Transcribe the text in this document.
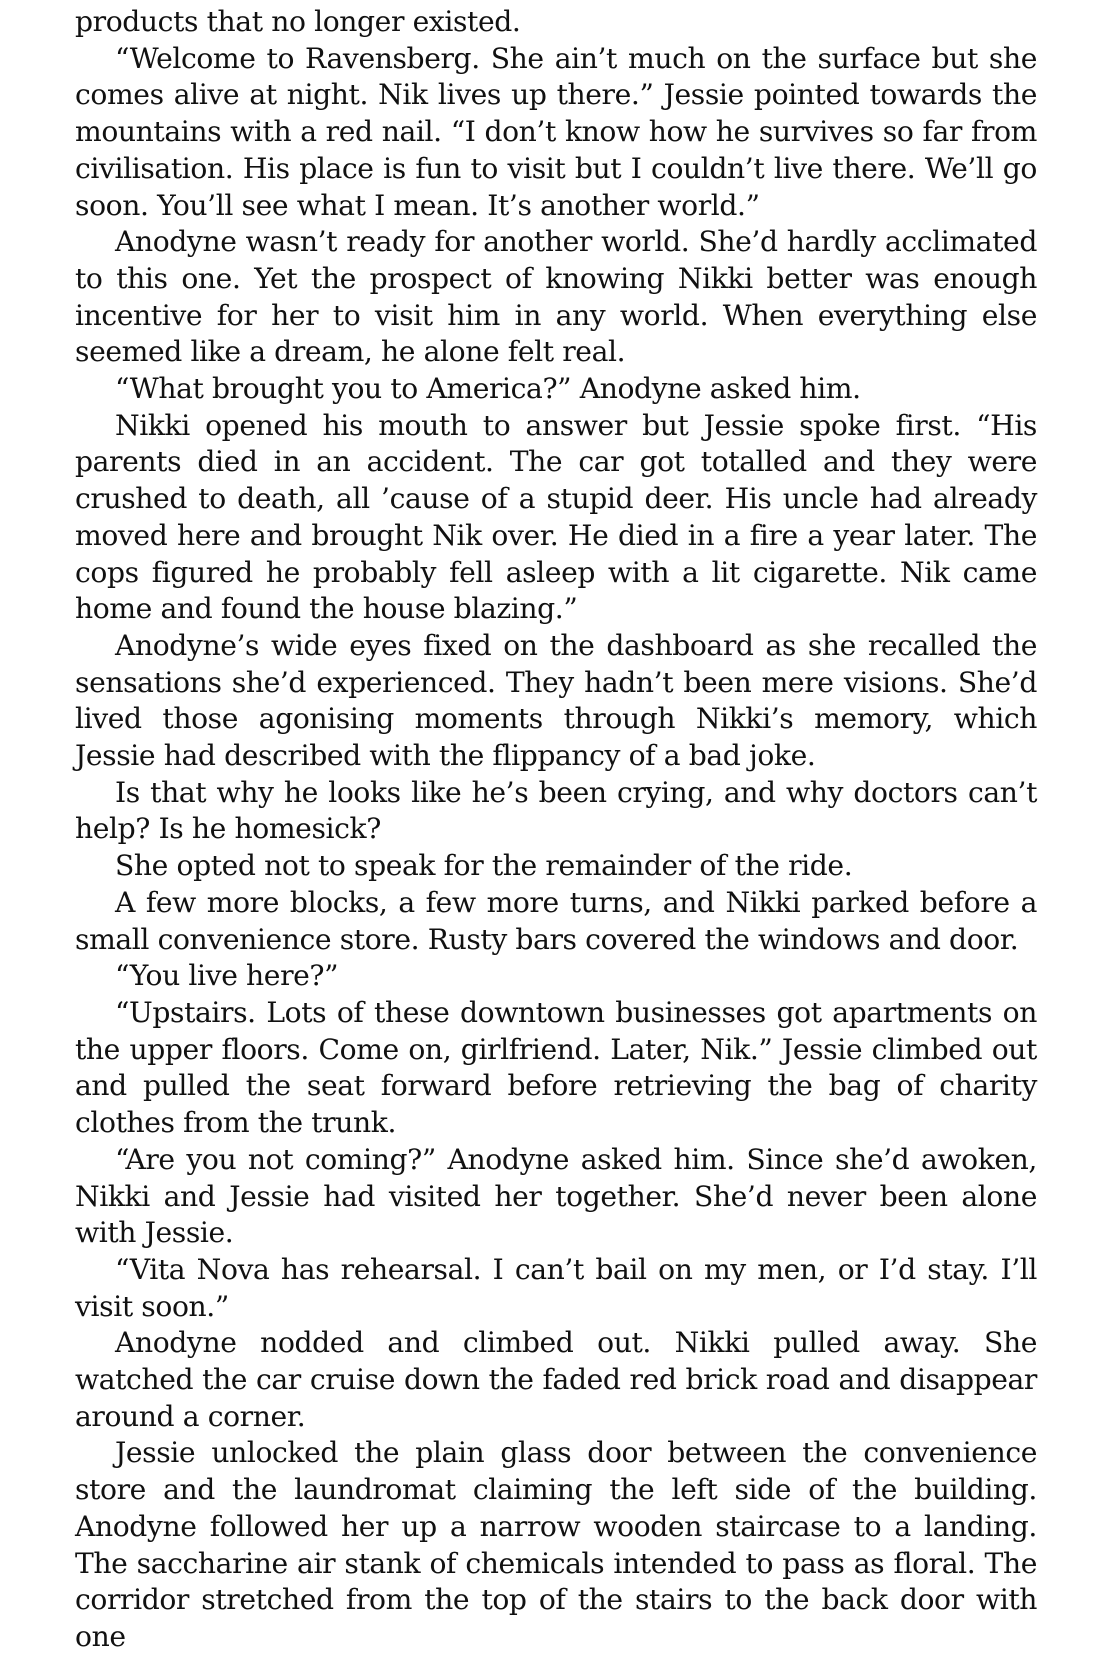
products that no longer existed.

“Welcome to Ravensberg. She ain’t much on the surface but she comes alive at night. Nik lives up there.” Jessie pointed towards the mountains with a red nail. “I don’t know how he survives so far from civilisation. His place is fun to visit but I couldn’t live there. We’ll go soon. You’ll see what I mean. It’s another world.”

Anodyne wasn’t ready for another world. She’d hardly acclimated to this one. Yet the prospect of knowing Nikki better was enough incentive for her to visit him in any world. When everything else seemed like a dream, he alone felt real.

“What brought you to America?” Anodyne asked him.

Nikki opened his mouth to answer but Jessie spoke first. “His parents died in an accident. The car got totalled and they were crushed to death, all ’cause of a stupid deer. His uncle had already moved here and brought Nik over. He died in a fire a year later. The cops figured he probably fell asleep with a lit cigarette. Nik came home and found the house blazing.”

Anodyne’s wide eyes fixed on the dashboard as she recalled the sensations she’d experienced. They hadn’t been mere visions. She’d lived those agonising moments through Nikki’s memory, which Jessie had described with the flippancy of a bad joke.

Is that why he looks like he’s been crying, and why doctors can’t help? Is he homesick?

She opted not to speak for the remainder of the ride.

A few more blocks, a few more turns, and Nikki parked before a small convenience store. Rusty bars covered the windows and door.

“You live here?”

“Upstairs. Lots of these downtown businesses got apartments on the upper floors. Come on, girlfriend. Later, Nik.” Jessie climbed out and pulled the seat forward before retrieving the bag of charity clothes from the trunk.

“Are you not coming?” Anodyne asked him. Since she’d awoken, Nikki and Jessie had visited her together. She’d never been alone with Jessie.

“Vita Nova has rehearsal. I can’t bail on my men, or I’d stay. I’ll visit soon.”

Anodyne nodded and climbed out. Nikki pulled away. She watched the car cruise down the faded red brick road and disappear around a corner.

Jessie unlocked the plain glass door between the convenience store and the laundromat claiming the left side of the building. Anodyne followed her up a narrow wooden staircase to a landing. The saccharine air stank of chemicals intended to pass as floral. The corridor stretched from the top of the stairs to the back door with one
